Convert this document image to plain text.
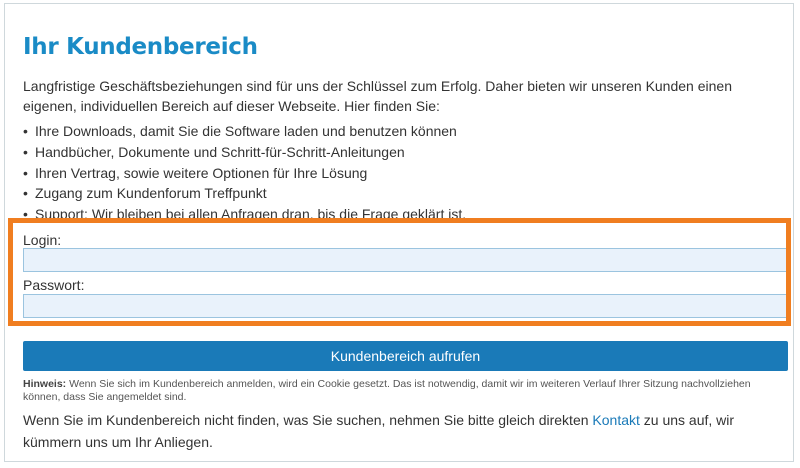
Ihr Kundenbereich

Langfristige Geschäftsbeziehungen sind für uns der Schlüssel zum Erfolg. Daher bieten wir unseren Kunden einen eigenen, individuellen Bereich auf dieser Webseite. Hier finden Sie:

• Ihre Downloads, damit Sie die Software laden und benutzen können
• Handbücher, Dokumente und Schritt-für-Schritt-Anleitungen
• Ihren Vertrag, sowie weitere Optionen für Ihre Lösung
• Zugang zum Kundenforum Treffpunkt
• Support: Wir bleiben bei allen Anfragen dran, bis die Frage geklärt ist.
Login:
Passwort:
Kundenbereich aufrufen

Hinweis: Wenn Sie sich im Kundenbereich anmelden, wird ein Cookie gesetzt. Das ist notwendig, damit wir im weiteren Verlauf Ihrer Sitzung nachvollziehen können, dass Sie angemeldet sind.

Wenn Sie im Kundenbereich nicht finden, was Sie suchen, nehmen Sie bitte gleich direkten Kontakt zu uns auf, wir kümmern uns um Ihr Anliegen.
